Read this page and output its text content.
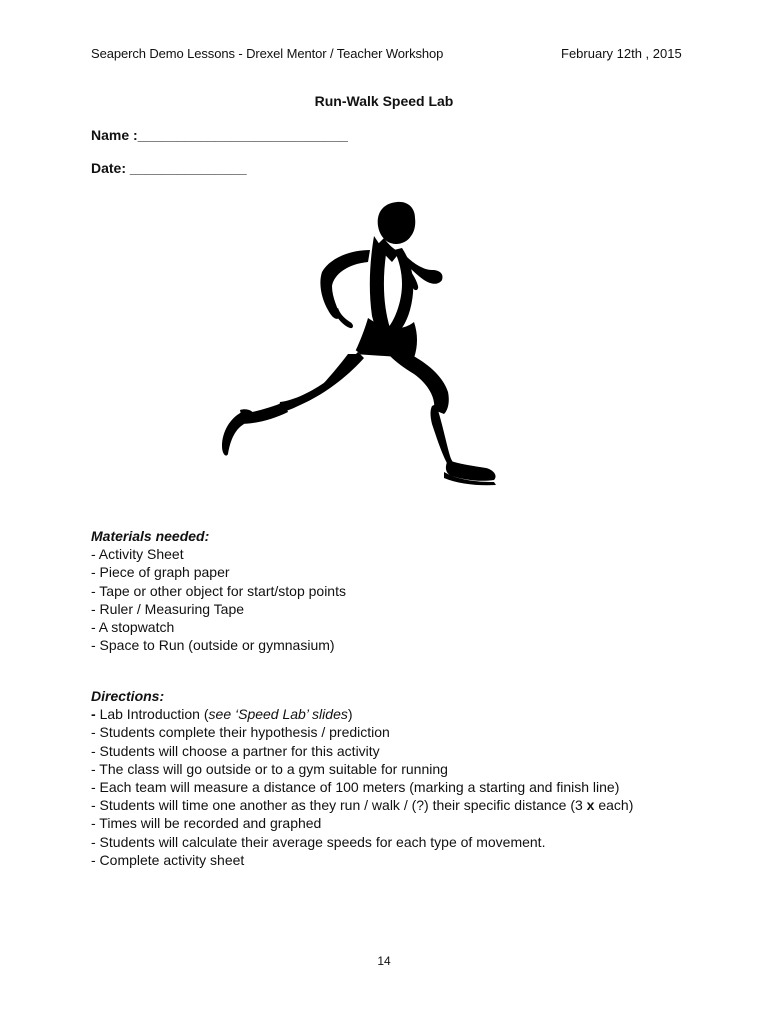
Seaperch Demo Lessons - Drexel Mentor / Teacher Workshop	February 12th , 2015
Run-Walk Speed Lab
Name :___________________________
Date: _______________
Materials needed:
- Activity Sheet
- Piece of graph paper
- Tape or other object for start/stop points
- Ruler / Measuring Tape
- A stopwatch
- Space to Run (outside or gymnasium)
Directions:
- Lab Introduction (see ‘Speed Lab’ slides)
- Students complete their hypothesis / prediction
- Students will choose a partner for this activity
- The class will go outside or to a gym suitable for running
- Each team will measure a distance of 100 meters (marking a starting and finish line)
- Students will time one another as they run / walk / (?) their specific distance (3 x each)
- Times will be recorded and graphed
- Students will calculate their average speeds for each type of movement.
- Complete activity sheet
14
